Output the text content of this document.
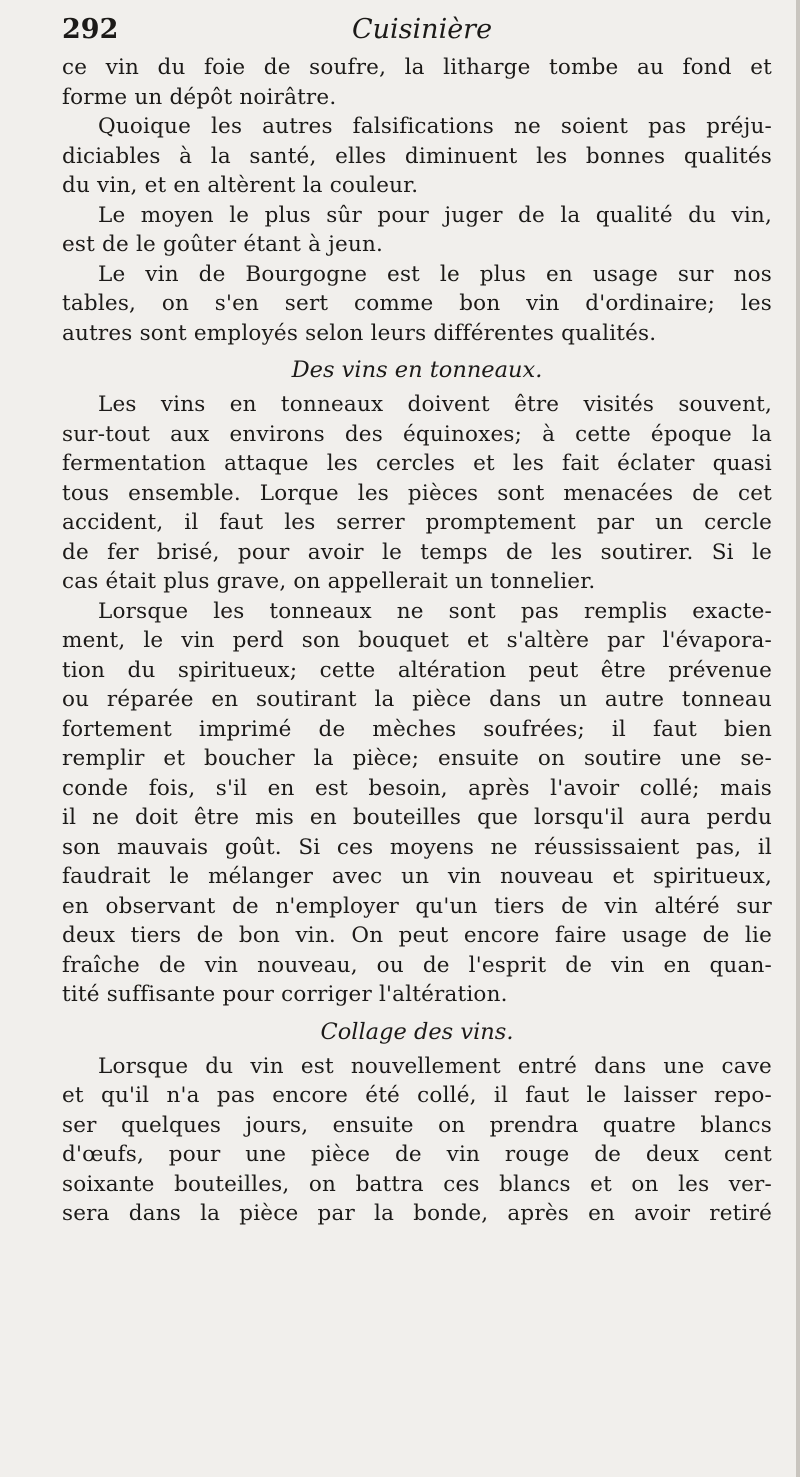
292	Cuisinière
ce vin du foie de soufre, la litharge tombe au fond et
forme un dépôt noirâtre.
Quoique les autres falsifications ne soient pas préju-
diciables à la santé, elles diminuent les bonnes qualités
du vin, et en altèrent la couleur.
Le moyen le plus sûr pour juger de la qualité du vin,
est de le goûter étant à jeun.
Le vin de Bourgogne est le plus en usage sur nos
tables, on s'en sert comme bon vin d'ordinaire; les
autres sont employés selon leurs différentes qualités.
Des vins en tonneaux.
Les vins en tonneaux doivent être visités souvent,
sur-tout aux environs des équinoxes; à cette époque la
fermentation attaque les cercles et les fait éclater quasi
tous ensemble. Lorque les pièces sont menacées de cet
accident, il faut les serrer promptement par un cercle
de fer brisé, pour avoir le temps de les soutirer. Si le
cas était plus grave, on appellerait un tonnelier.
Lorsque les tonneaux ne sont pas remplis exacte-
ment, le vin perd son bouquet et s'altère par l'évapora-
tion du spiritueux; cette altération peut être prévenue
ou réparée en soutirant la pièce dans un autre tonneau
fortement imprimé de mèches soufrées; il faut bien
remplir et boucher la pièce; ensuite on soutire une se-
conde fois, s'il en est besoin, après l'avoir collé; mais
il ne doit être mis en bouteilles que lorsqu'il aura perdu
son mauvais goût. Si ces moyens ne réussissaient pas, il
faudrait le mélanger avec un vin nouveau et spiritueux,
en observant de n'employer qu'un tiers de vin altéré sur
deux tiers de bon vin. On peut encore faire usage de lie
fraîche de vin nouveau, ou de l'esprit de vin en quan-
tité suffisante pour corriger l'altération.
Collage des vins.
Lorsque du vin est nouvellement entré dans une cave
et qu'il n'a pas encore été collé, il faut le laisser repo-
ser quelques jours, ensuite on prendra quatre blancs
d'œufs, pour une pièce de vin rouge de deux cent
soixante bouteilles, on battra ces blancs et on les ver-
sera dans la pièce par la bonde, après en avoir retiré
